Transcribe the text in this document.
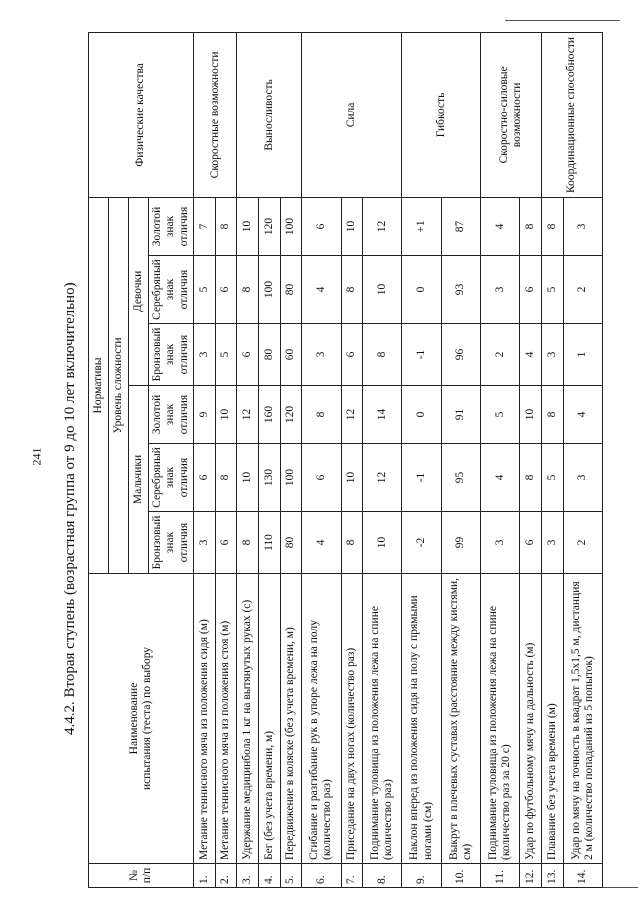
241 4.4.2. Вторая ступень (возрастная группа от 9 до 10 лет включительно)
№ п/п	Наименование
испытания (теста) по выбору	Нормативы						Физические качества
		Уровень сложности						
		Мальчики			Девочки			
		Бронзовый знак отличия	Серебряный знак отличия	Золотой знак отличия	Бронзовый знак отличия	Серебряный знак отличия	Золотой знак отличия	
1.	Метание теннисного мяча из положения сидя (м)	3	6	9	3	5	7	Скоростные возможности
2.	Метание теннисного мяча из положения стоя (м)	6	8	10	5	6	8	
3.	Удержание медицинбола 1 кг на вытянутых руках (с)	8	10	12	6	8	10	Выносливость
4.	Бег (без учета времени, м)	110	130	160	80	100	120	
5.	Передвижение в коляске (без учета времени, м)	80	100	120	60	80	100	
6.	Сгибание и разгибание рук в упоре лежа на полу (количество раз)	4	6	8	3	4	6	Сила
7.	Приседание на двух ногах (количество раз)	8	10	12	6	8	10	
8.	Поднимание туловища из положения лежа на спине (количество раз)	10	12	14	8	10	12	
9.	Наклон вперед из положения сидя на полу с прямыми ногами (см)	-2	-1	0	-1	0	+1	Гибкость
10.	Выкрут в плечевых суставах (расстояние между кистями, см)	99	95	91	96	93	87	
11.	Поднимание туловища из положения лежа на спине (количество раз за 20 с)	3	4	5	2	3	4	Скоростно-силовые возможности
12.	Удар по футбольному мячу на дальность (м)	6	8	10	4	6	8	
13.	Плавание без учета времени (м)	3	5	8	3	5	8	Координационные способности
14.	Удар по мячу на точность в квадрат 1,5х1,5 м, дистанция 2 м (количество попаданий из 5 попыток)	2	3	4	1	2	3	
